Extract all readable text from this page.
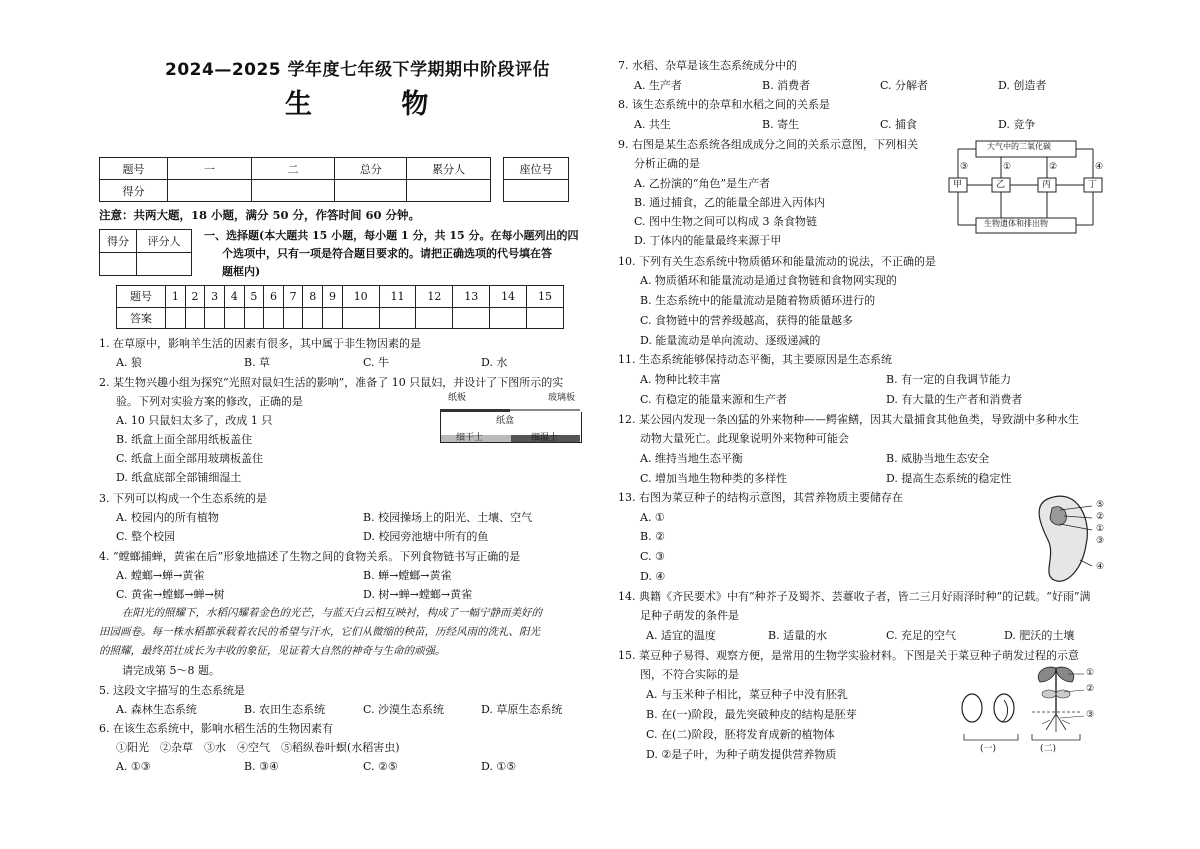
2024—2025 学年度七年级下学期期中阶段评估
生 物
题号	一	二	总分	累分人
得分				
座位号

注意：共两大题，18 小题，满分 50 分，作答时间 60 分钟。
得分	评分人
	一、选择题(本大题共 15 小题，每小题 1 分，共 15 分。在每小题列出的四
个选项中，只有一项是符合题目要求的。请把正确选项的代号填在答
题框内)
题号	1	2	3	4	5	6	7	8	9	10	11	12	13	14	15
答案															
1. 在草原中，影响羊生活的因素有很多，其中属于非生物因素的是
A. 狼	B. 草	C. 牛	D. 水
2. 某生物兴趣小组为探究“光照对鼠妇生活的影响”，准备了 10 只鼠妇，并设计了下图所示的实
验。下列对实验方案的修改，正确的是
A. 10 只鼠妇太多了，改成 1 只
B. 纸盒上面全部用纸板盖住
C. 纸盒上面全部用玻璃板盖住
D. 纸盒底部全部铺细湿土
纸板	玻璃板
纸盒
细干土	细湿土
3. 下列可以构成一个生态系统的是
A. 校园内的所有植物	B. 校园操场上的阳光、土壤、空气
C. 整个校园	D. 校园旁池塘中所有的鱼
4. “螳螂捕蝉，黄雀在后”形象地描述了生物之间的食物关系。下列食物链书写正确的是
A. 螳螂→蝉→黄雀	B. 蝉→螳螂→黄雀
C. 黄雀→螳螂→蝉→树	D. 树→蝉→螳螂→黄雀
在阳光的照耀下，水稻闪耀着金色的光芒，与蓝天白云相互映衬，构成了一幅宁静而美好的
田园画卷。每一株水稻都承载着农民的希望与汗水，它们从微缩的秧苗，历经风雨的洗礼、阳光
的照耀，最终茁壮成长为丰收的象征，见证着大自然的神奇与生命的顽强。
请完成第 5～8 题。
5. 这段文字描写的生态系统是
A. 森林生态系统	B. 农田生态系统	C. 沙漠生态系统	D. 草原生态系统
6. 在该生态系统中，影响水稻生活的生物因素有
①阳光　②杂草　③水　④空气　⑤稻纵卷叶螟(水稻害虫)
A. ①③	B. ③④	C. ②⑤	D. ①⑤
7. 水稻、杂草是该生态系统成分中的
A. 生产者	B. 消费者	C. 分解者	D. 创造者
8. 该生态系统中的杂草和水稻之间的关系是
A. 共生	B. 寄生	C. 捕食	D. 竞争
9. 右图是某生态系统各组成成分之间的关系示意图，下列相关
分析正确的是
A. 乙扮演的“角色”是生产者
B. 通过捕食，乙的能量全部进入丙体内
C. 图中生物之间可以构成 3 条食物链
D. 丁体内的能量最终来源于甲
大气中的二氧化碳
甲	乙	丙	丁
生物遗体和排出物
③	①	②	④
10. 下列有关生态系统中物质循环和能量流动的说法，不正确的是
A. 物质循环和能量流动是通过食物链和食物网实现的
B. 生态系统中的能量流动是随着物质循环进行的
C. 食物链中的营养级越高，获得的能量越多
D. 能量流动是单向流动、逐级递减的
11. 生态系统能够保持动态平衡，其主要原因是生态系统
A. 物种比较丰富	B. 有一定的自我调节能力
C. 有稳定的能量来源和生产者	D. 有大量的生产者和消费者
12. 某公园内发现一条凶猛的外来物种——鳄雀鳝，因其大量捕食其他鱼类，导致湖中多种水生
动物大量死亡。此现象说明外来物种可能会
A. 维持当地生态平衡	B. 威胁当地生态安全
C. 增加当地生物种类的多样性	D. 提高生态系统的稳定性
13. 右图为菜豆种子的结构示意图，其营养物质主要储存在
A. ①
B. ②
C. ③
D. ④
⑤
②
①
③
④
14. 典籍《齐民要术》中有“种芥子及蜀芥、芸薹收子者，皆二三月好雨泽时种”的记载。“好雨”满
足种子萌发的条件是
A. 适宜的温度	B. 适量的水	C. 充足的空气	D. 肥沃的土壤
15. 菜豆种子易得、观察方便，是常用的生物学实验材料。下图是关于菜豆种子萌发过程的示意
图，不符合实际的是
A. 与玉米种子相比，菜豆种子中没有胚乳
B. 在(一)阶段，最先突破种皮的结构是胚芽
C. 在(二)阶段，胚将发育成新的植物体
D. ②是子叶，为种子萌发提供营养物质
①
②
③
(一)	(二)
